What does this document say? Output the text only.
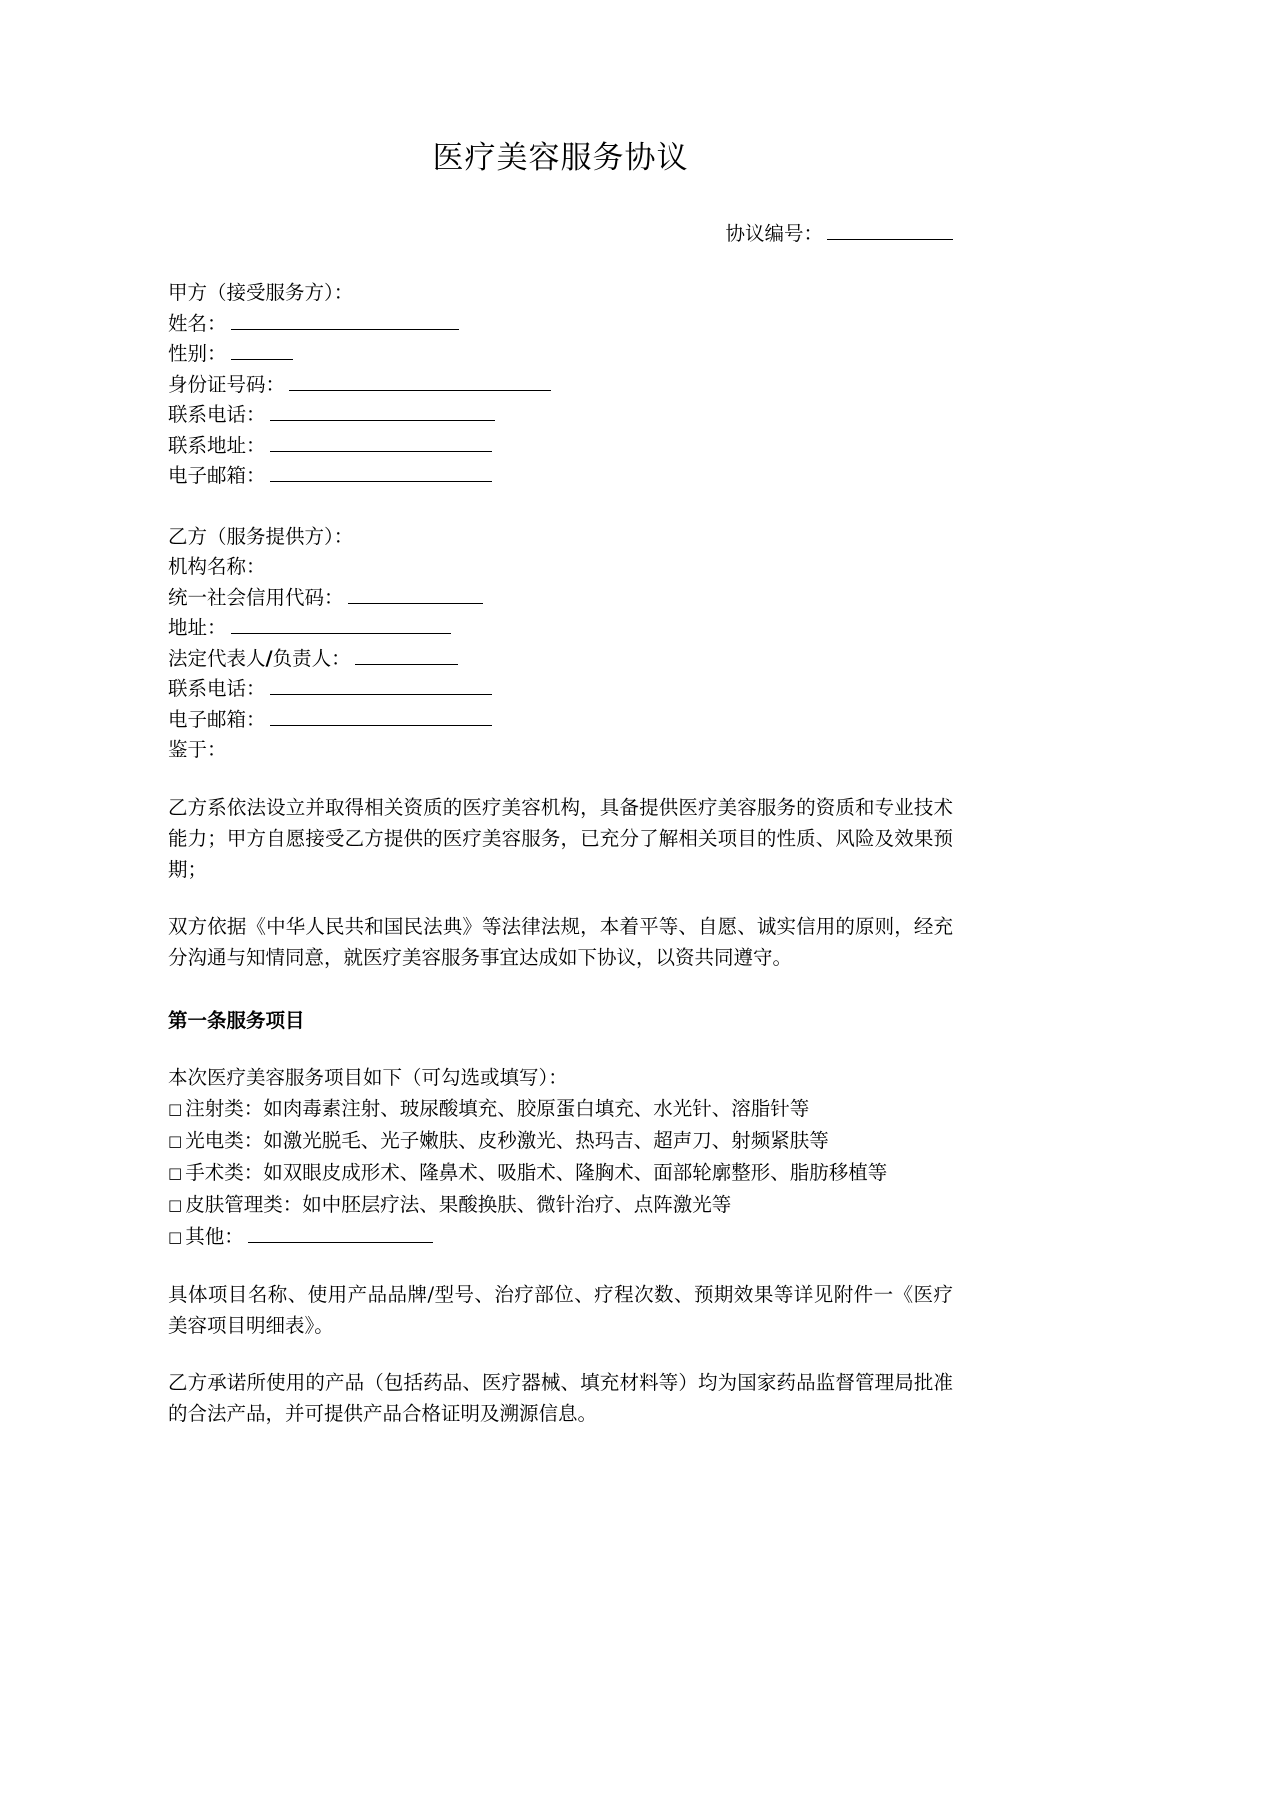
医疗美容服务协议
协议编号：
甲方（接受服务方）：
姓名：
性别：
身份证号码：
联系电话：
联系地址：
电子邮箱：
乙方（服务提供方）：
机构名称：
统一社会信用代码：
地址：
法定代表人/负责人：
联系电话：
电子邮箱：
鉴于：

乙方系依法设立并取得相关资质的医疗美容机构，具备提供医疗美容服务的资质和专业技术能力；甲方自愿接受乙方提供的医疗美容服务，已充分了解相关项目的性质、风险及效果预期；

双方依据《中华人民共和国民法典》等法律法规，本着平等、自愿、诚实信用的原则，经充分沟通与知情同意，就医疗美容服务事宜达成如下协议，以资共同遵守。

第一条服务项目
本次医疗美容服务项目如下（可勾选或填写）：
□ 注射类：如肉毒素注射、玻尿酸填充、胶原蛋白填充、水光针、溶脂针等
□ 光电类：如激光脱毛、光子嫩肤、皮秒激光、热玛吉、超声刀、射频紧肤等
□ 手术类：如双眼皮成形术、隆鼻术、吸脂术、隆胸术、面部轮廓整形、脂肪移植等
□ 皮肤管理类：如中胚层疗法、果酸换肤、微针治疗、点阵激光等
□ 其他：

具体项目名称、使用产品品牌/型号、治疗部位、疗程次数、预期效果等详见附件一《医疗美容项目明细表》。

乙方承诺所使用的产品（包括药品、医疗器械、填充材料等）均为国家药品监督管理局批准的合法产品，并可提供产品合格证明及溯源信息。
